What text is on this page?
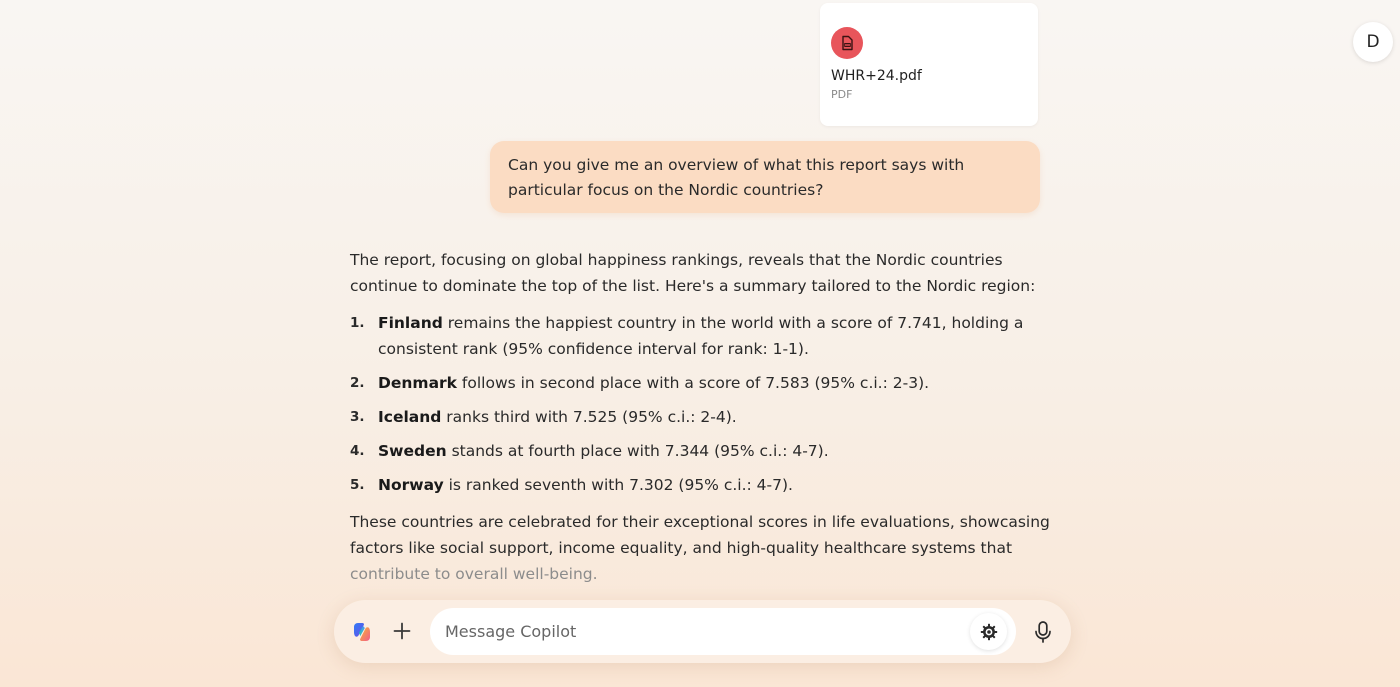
D
WHR+24.pdf
PDF
Can you give me an overview of what this report says with particular focus on the Nordic countries?

The report, focusing on global happiness rankings, reveals that the Nordic countries continue to dominate the top of the list. Here's a summary tailored to the Nordic region:

1. Finland remains the happiest country in the world with a score of 7.741, holding a consistent rank (95% confidence interval for rank: 1-1).
2. Denmark follows in second place with a score of 7.583 (95% c.i.: 2-3).
3. Iceland ranks third with 7.525 (95% c.i.: 2-4).
4. Sweden stands at fourth place with 7.344 (95% c.i.: 4-7).
5. Norway is ranked seventh with 7.302 (95% c.i.: 4-7).

These countries are celebrated for their exceptional scores in life evaluations, showcasing factors like social support, income equality, and high-quality healthcare systems that contribute to overall well-being.

Message Copilot
